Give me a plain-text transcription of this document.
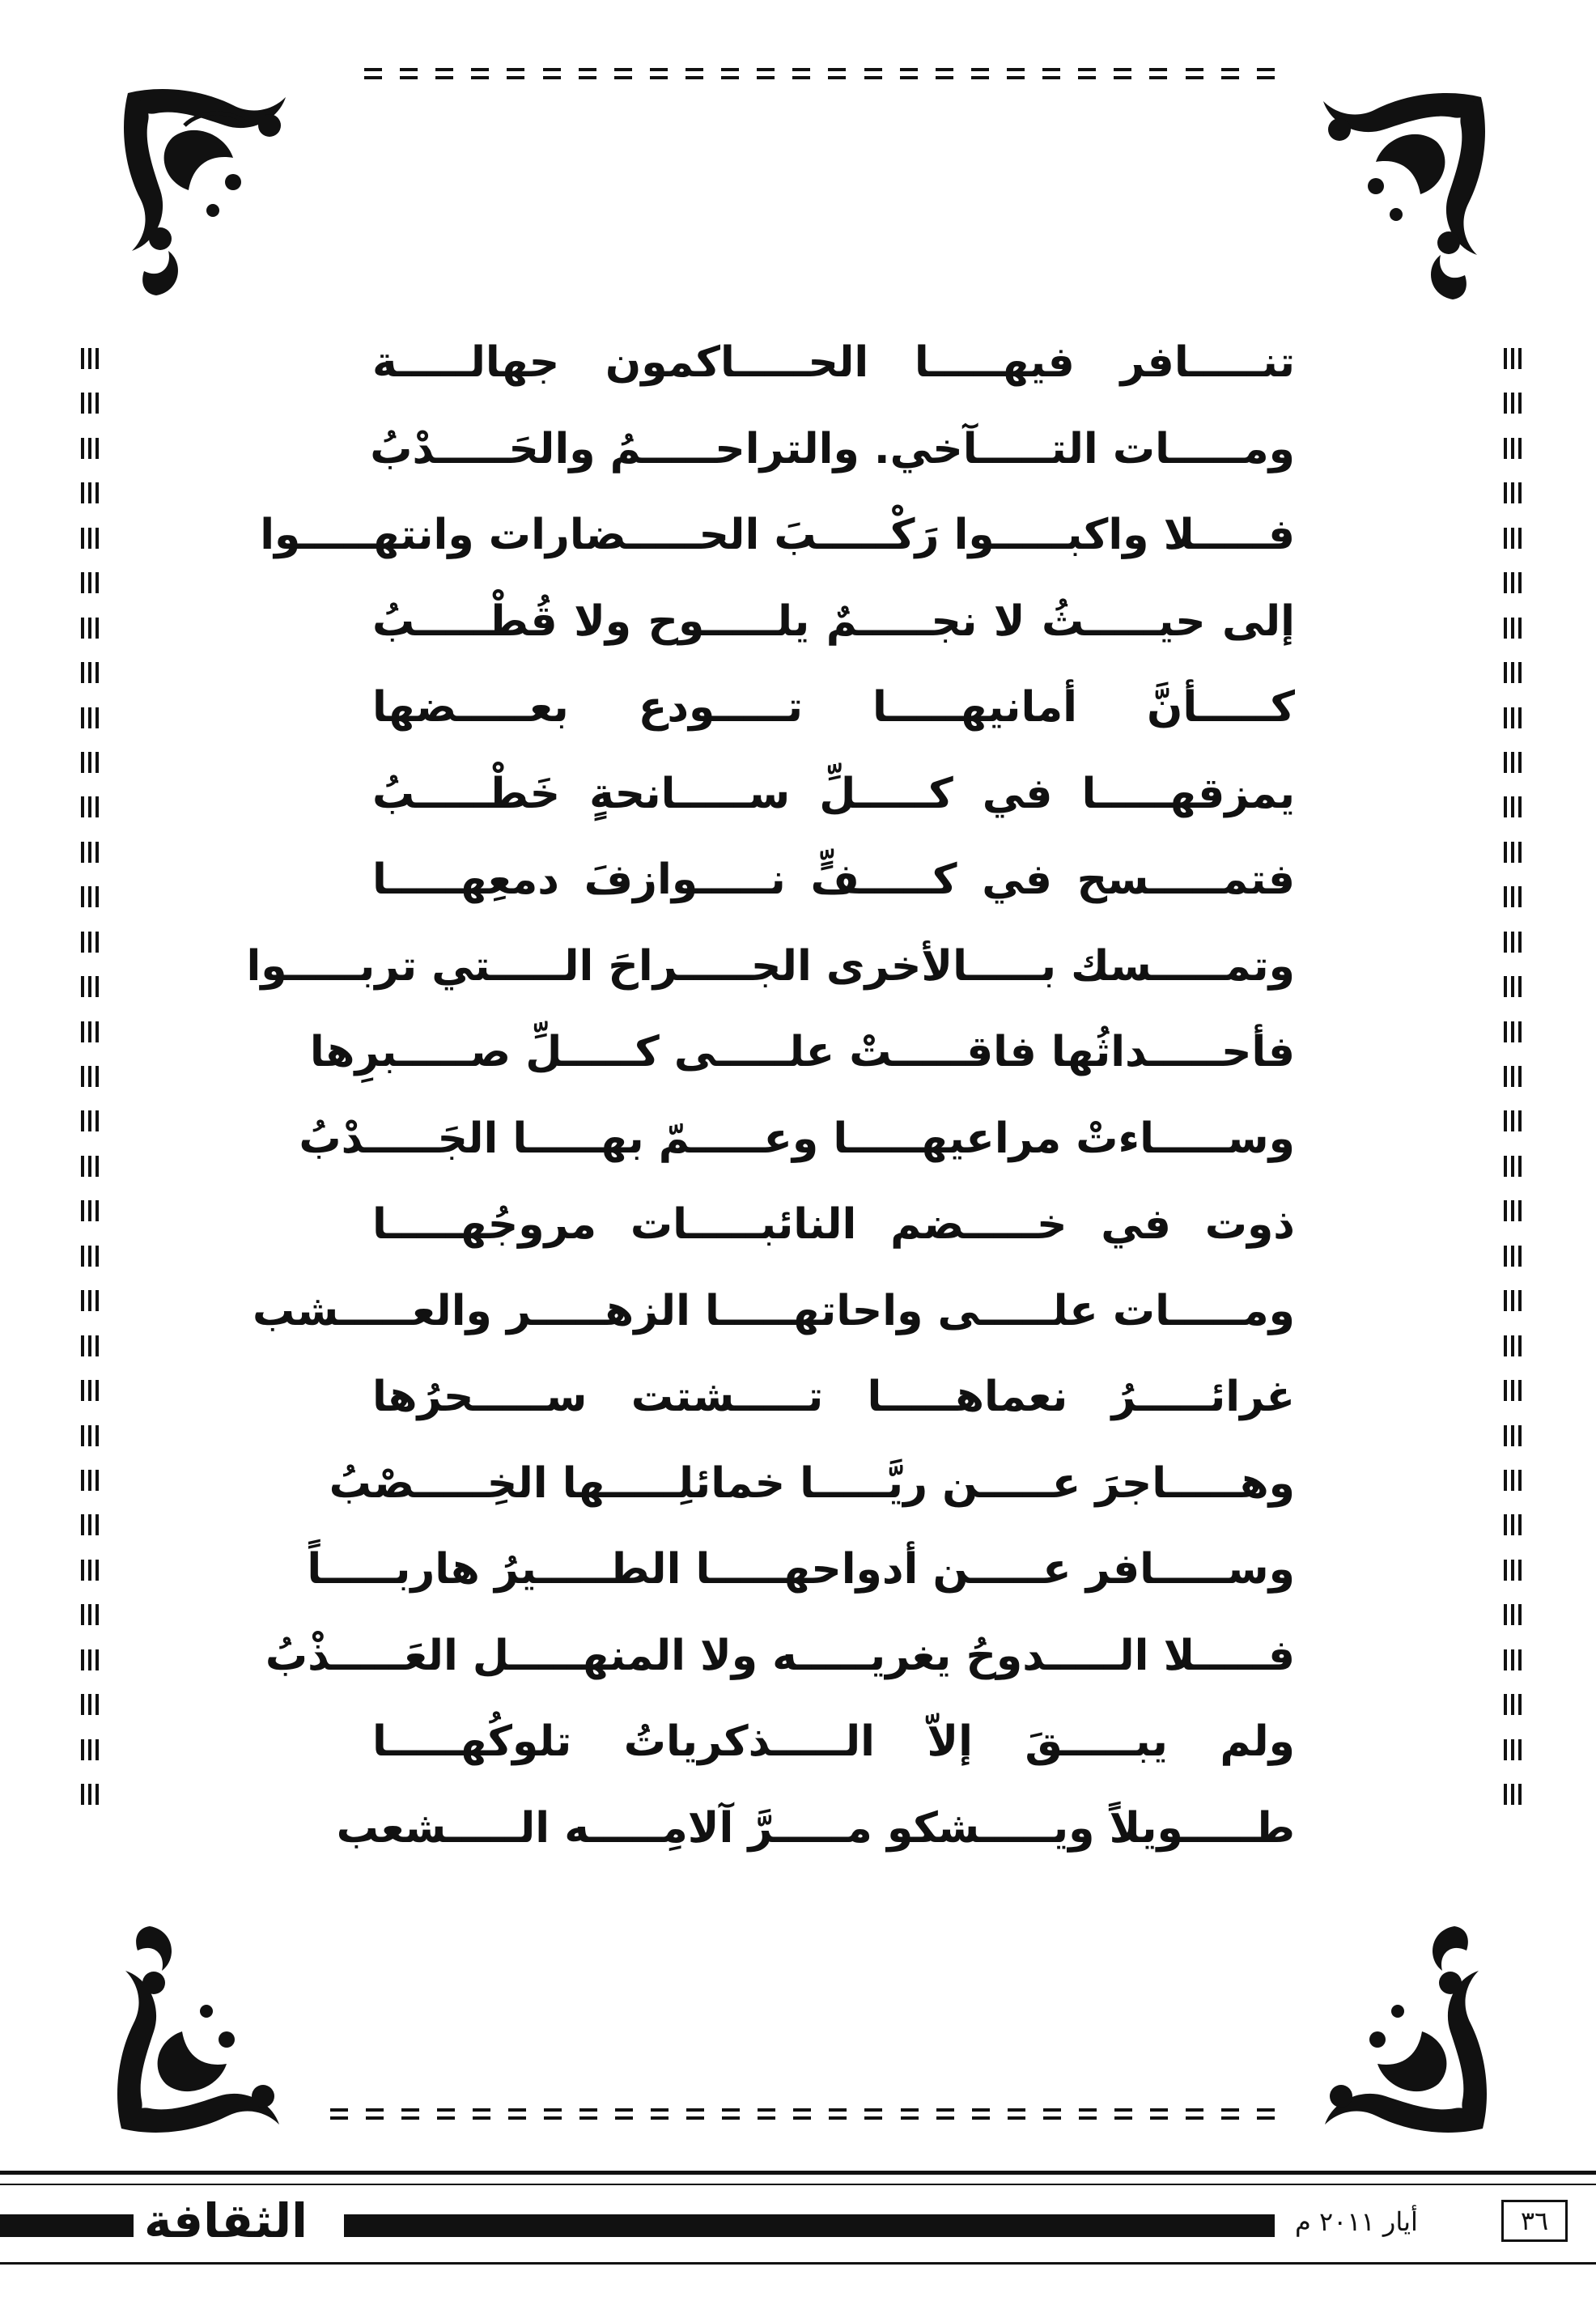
تنـــــافر فيهـــــا الحـــــاكمون جهالـــــة
ومـــــات التـــــآخي. والتراحـــــمُ والحَـــــدْبُ
فـــــلا واكبـــــوا رَكْـــــبَ الحـــــضارات وانتهـــــوا
إلى حيـــــثُ لا نجـــــمٌ يلـــــوح ولا قُطْـــــبُ
كـــــأنَّ أمانيهـــــا تـــــودع بعـــــضها
يمزقهـــــا في كـــــلِّ ســـــانحةٍ خَطْـــــبُ
فتمـــــسح في كـــــفٍّ نـــــوازفَ دمعِهـــــا
وتمـــــسك بـــــالأخرى الجـــــراحَ الـــــتي تربـــــوا
فأحـــــداثُها فاقـــــتْ علـــــى كـــــلِّ صـــــبرِها
وســـــاءتْ مراعيهـــــا وعـــــمّ بهـــــا الجَـــــدْبُ
ذوت في خـــــضم النائبـــــات مروجُهـــــا
ومـــــات علـــــى واحاتهـــــا الزهـــــر والعـــــشب
غرائـــــرُ نعماهـــــا تـــــشتت ســـــحرُها
وهـــــاجرَ عـــــن ريَّـــــا خمائلِـــــها الخِـــــصْبُ
وســـــافر عـــــن أدواحهـــــا الطـــــيرُ هاربـــــاً
فـــــلا الـــــدوحُ يغريـــــه ولا المنهـــــل العَـــــذْبُ
ولم يبـــــقَ إلاّ الـــــذكرياتُ تلوكُهـــــا
طـــــويلاً ويـــــشكو مـــــرَّ آلامِـــــه الـــــشعب
الثقافة	أيار ٢٠١١ م	٣٦
